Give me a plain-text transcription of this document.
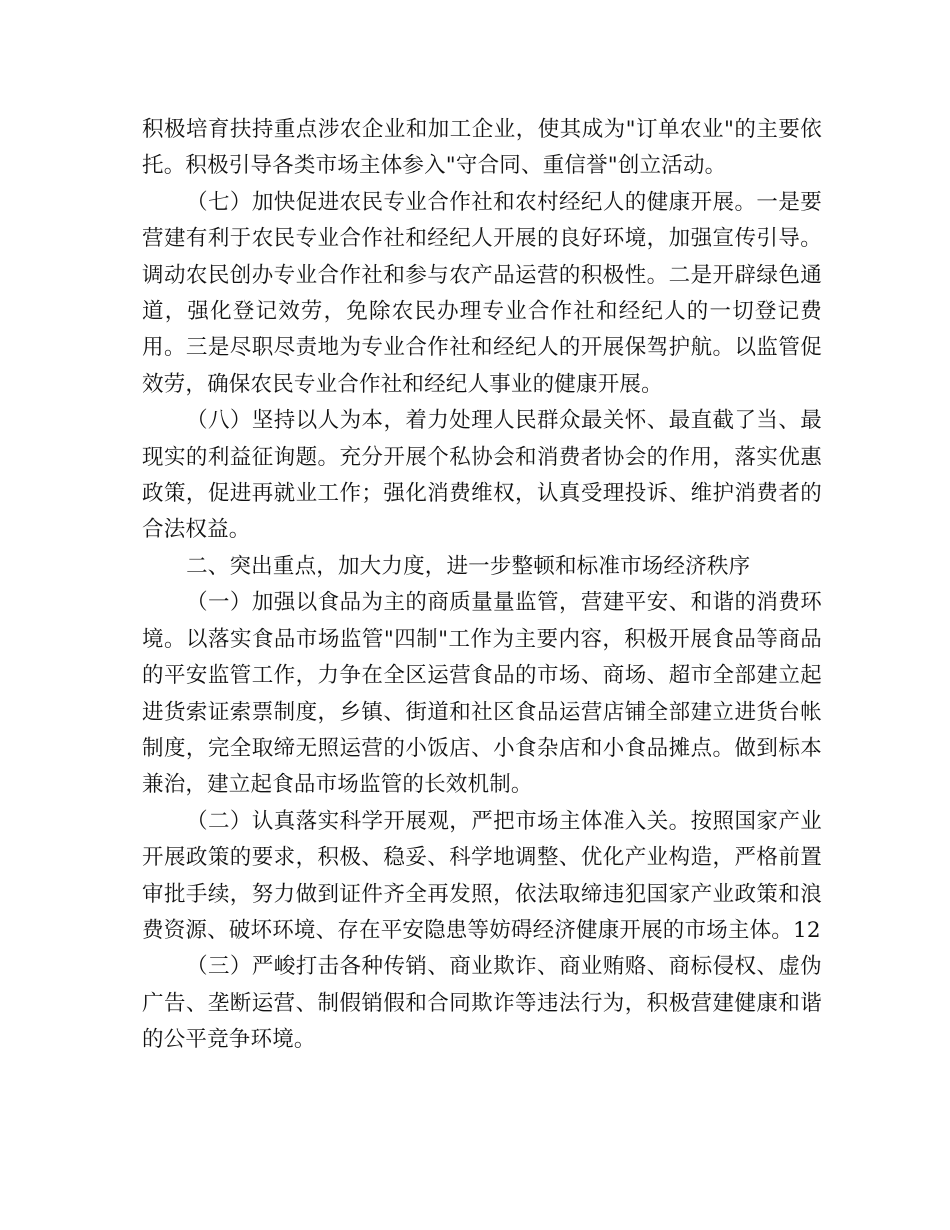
积极培育扶持重点涉农企业和加工企业，使其成为"订单农业"的主要依托。积极引导各类市场主体参入"守合同、重信誉"创立活动。

（七）加快促进农民专业合作社和农村经纪人的健康开展。一是要营建有利于农民专业合作社和经纪人开展的良好环境，加强宣传引导。调动农民创办专业合作社和参与农产品运营的积极性。二是开辟绿色通道，强化登记效劳，免除农民办理专业合作社和经纪人的一切登记费用。三是尽职尽责地为专业合作社和经纪人的开展保驾护航。以监管促效劳，确保农民专业合作社和经纪人事业的健康开展。

（八）坚持以人为本，着力处理人民群众最关怀、最直截了当、最现实的利益征询题。充分开展个私协会和消费者协会的作用，落实优惠政策，促进再就业工作；强化消费维权，认真受理投诉、维护消费者的合法权益。

二、突出重点，加大力度，进一步整顿和标准市场经济秩序

（一）加强以食品为主的商质量量监管，营建平安、和谐的消费环境。以落实食品市场监管"四制"工作为主要内容，积极开展食品等商品的平安监管工作，力争在全区运营食品的市场、商场、超市全部建立起进货索证索票制度，乡镇、街道和社区食品运营店铺全部建立进货台帐制度，完全取缔无照运营的小饭店、小食杂店和小食品摊点。做到标本兼治，建立起食品市场监管的长效机制。

（二）认真落实科学开展观，严把市场主体准入关。按照国家产业开展政策的要求，积极、稳妥、科学地调整、优化产业构造，严格前置审批手续，努力做到证件齐全再发照，依法取缔违犯国家产业政策和浪费资源、破坏环境、存在平安隐患等妨碍经济健康开展的市场主体。12

（三）严峻打击各种传销、商业欺诈、商业贿赂、商标侵权、虚伪广告、垄断运营、制假销假和合同欺诈等违法行为，积极营建健康和谐的公平竞争环境。
